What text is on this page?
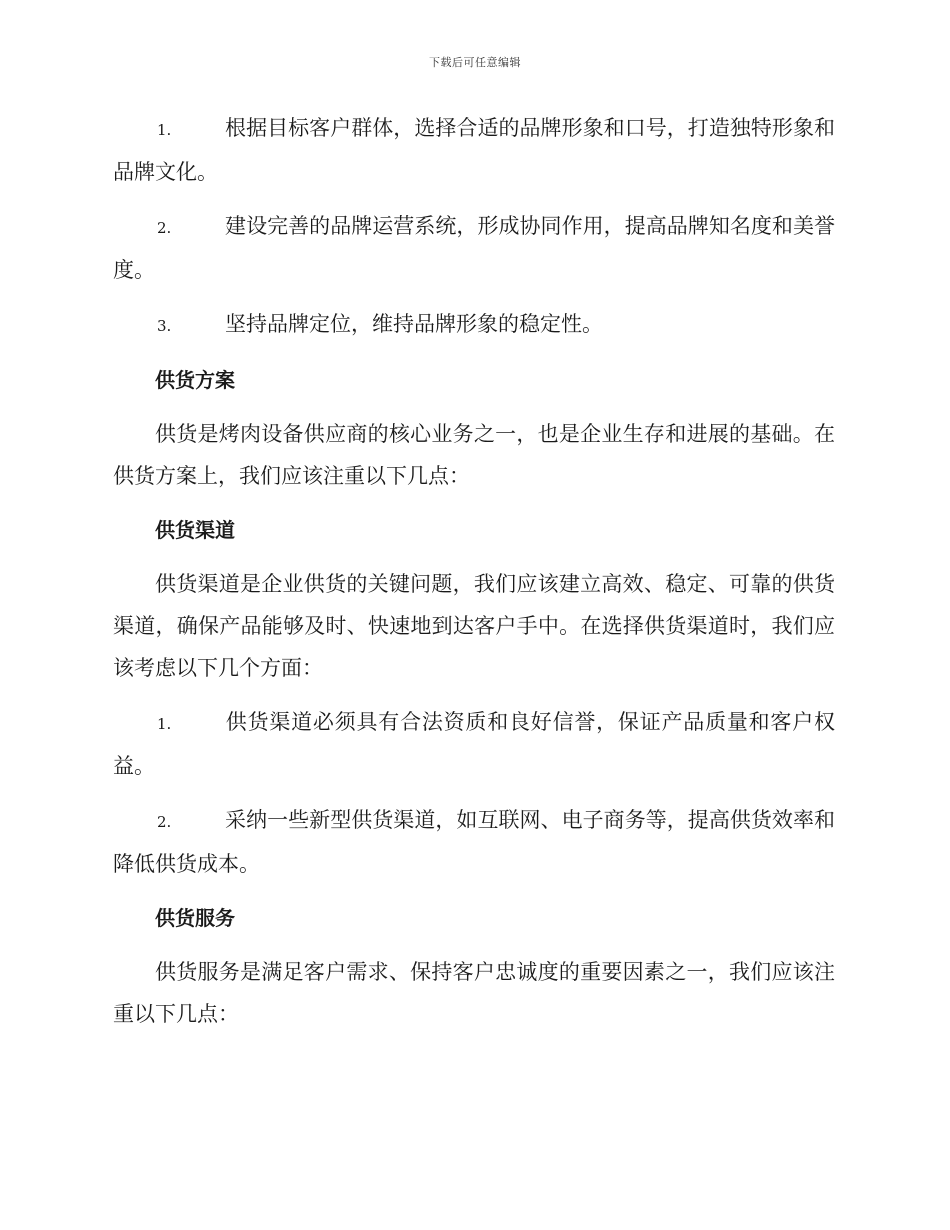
下载后可任意编辑

1.	根据目标客户群体，选择合适的品牌形象和口号，打造独特形象和品牌文化。

2.	建设完善的品牌运营系统，形成协同作用，提高品牌知名度和美誉度。

3.	坚持品牌定位，维持品牌形象的稳定性。

供货方案

供货是烤肉设备供应商的核心业务之一，也是企业生存和进展的基础。在供货方案上，我们应该注重以下几点：

供货渠道

供货渠道是企业供货的关键问题，我们应该建立高效、稳定、可靠的供货渠道，确保产品能够及时、快速地到达客户手中。在选择供货渠道时，我们应该考虑以下几个方面：

1.	供货渠道必须具有合法资质和良好信誉，保证产品质量和客户权益。

2.	采纳一些新型供货渠道，如互联网、电子商务等，提高供货效率和降低供货成本。

供货服务

供货服务是满足客户需求、保持客户忠诚度的重要因素之一，我们应该注重以下几点：
